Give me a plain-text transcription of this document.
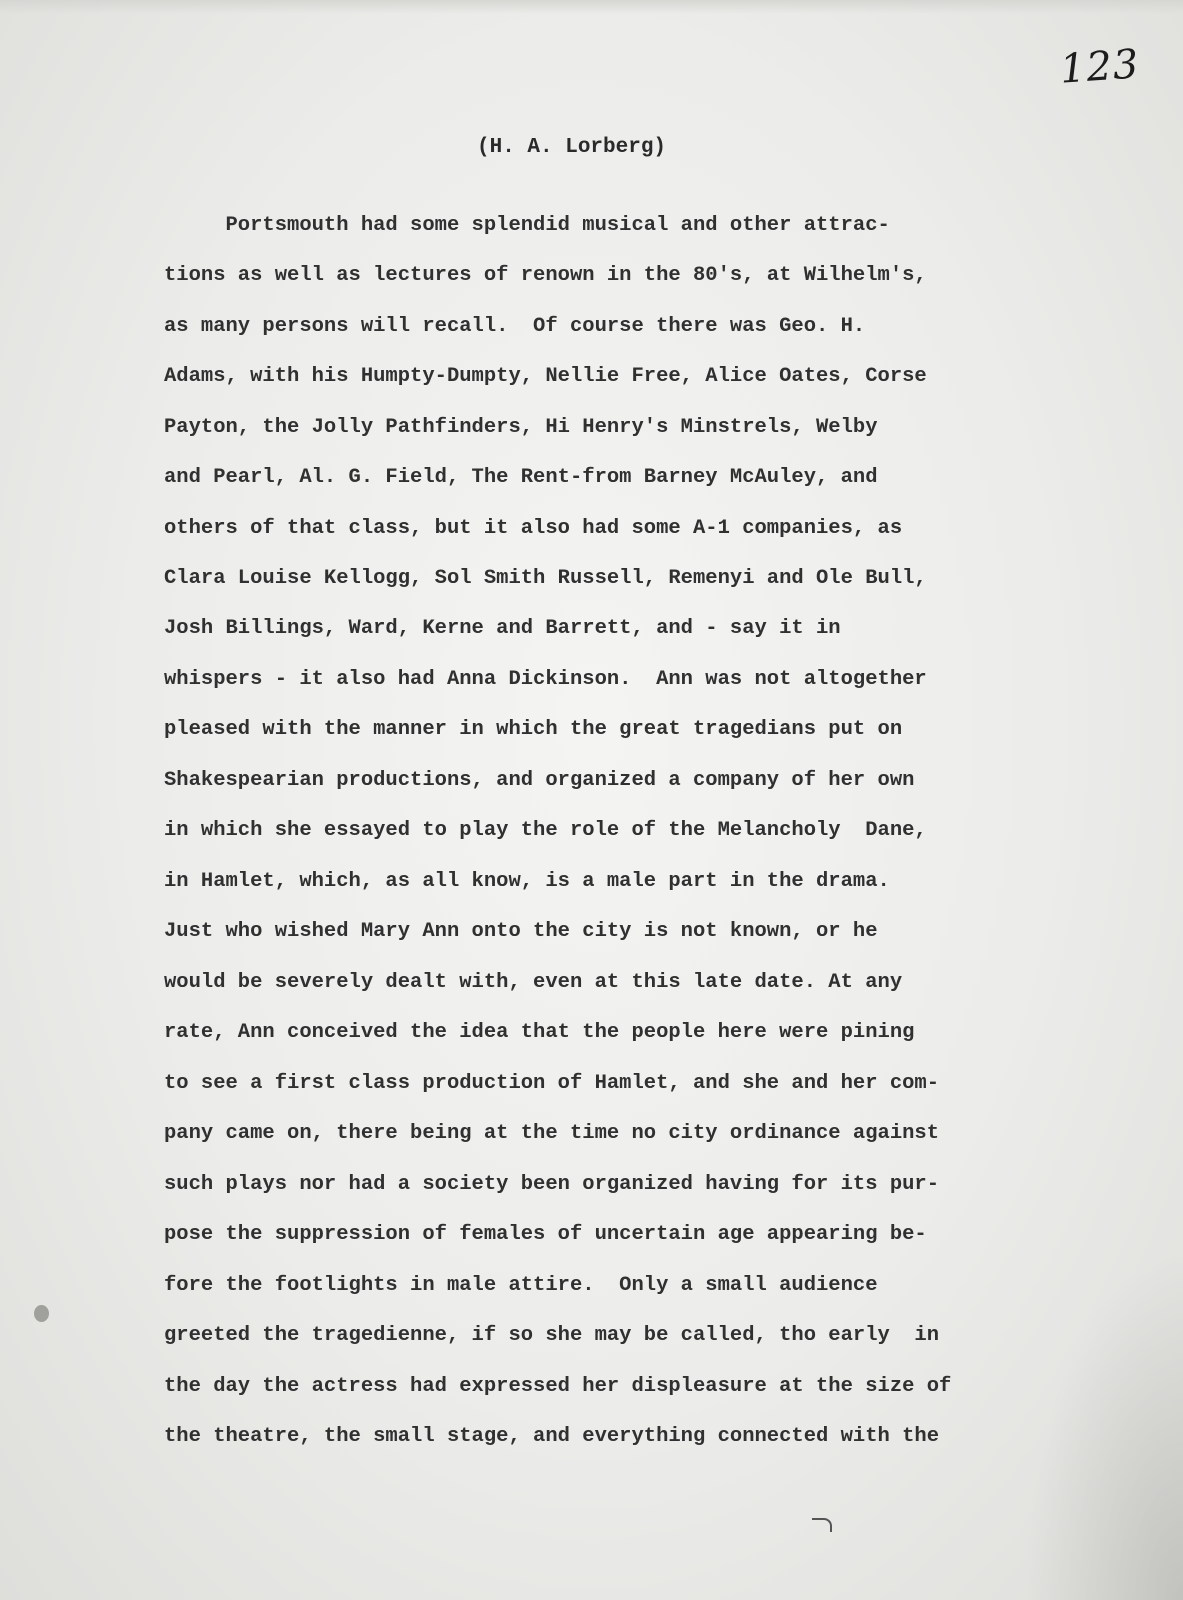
123
(H. A. Lorberg)
Portsmouth had some splendid musical and other attrac-
tions as well as lectures of renown in the 80's, at Wilhelm's,
as many persons will recall.  Of course there was Geo. H.
Adams, with his Humpty-Dumpty, Nellie Free, Alice Oates, Corse
Payton, the Jolly Pathfinders, Hi Henry's Minstrels, Welby
and Pearl, Al. G. Field, The Rent-from Barney McAuley, and
others of that class, but it also had some A-1 companies, as
Clara Louise Kellogg, Sol Smith Russell, Remenyi and Ole Bull,
Josh Billings, Ward, Kerne and Barrett, and - say it in
whispers - it also had Anna Dickinson.  Ann was not altogether
pleased with the manner in which the great tragedians put on
Shakespearian productions, and organized a company of her own
in which she essayed to play the role of the Melancholy  Dane,
in Hamlet, which, as all know, is a male part in the drama.
Just who wished Mary Ann onto the city is not known, or he
would be severely dealt with, even at this late date. At any
rate, Ann conceived the idea that the people here were pining
to see a first class production of Hamlet, and she and her com-
pany came on, there being at the time no city ordinance against
such plays nor had a society been organized having for its pur-
pose the suppression of females of uncertain age appearing be-
fore the footlights in male attire.  Only a small audience
greeted the tragedienne, if so she may be called, tho early  in
the day the actress had expressed her displeasure at the size of
the theatre, the small stage, and everything connected with the
